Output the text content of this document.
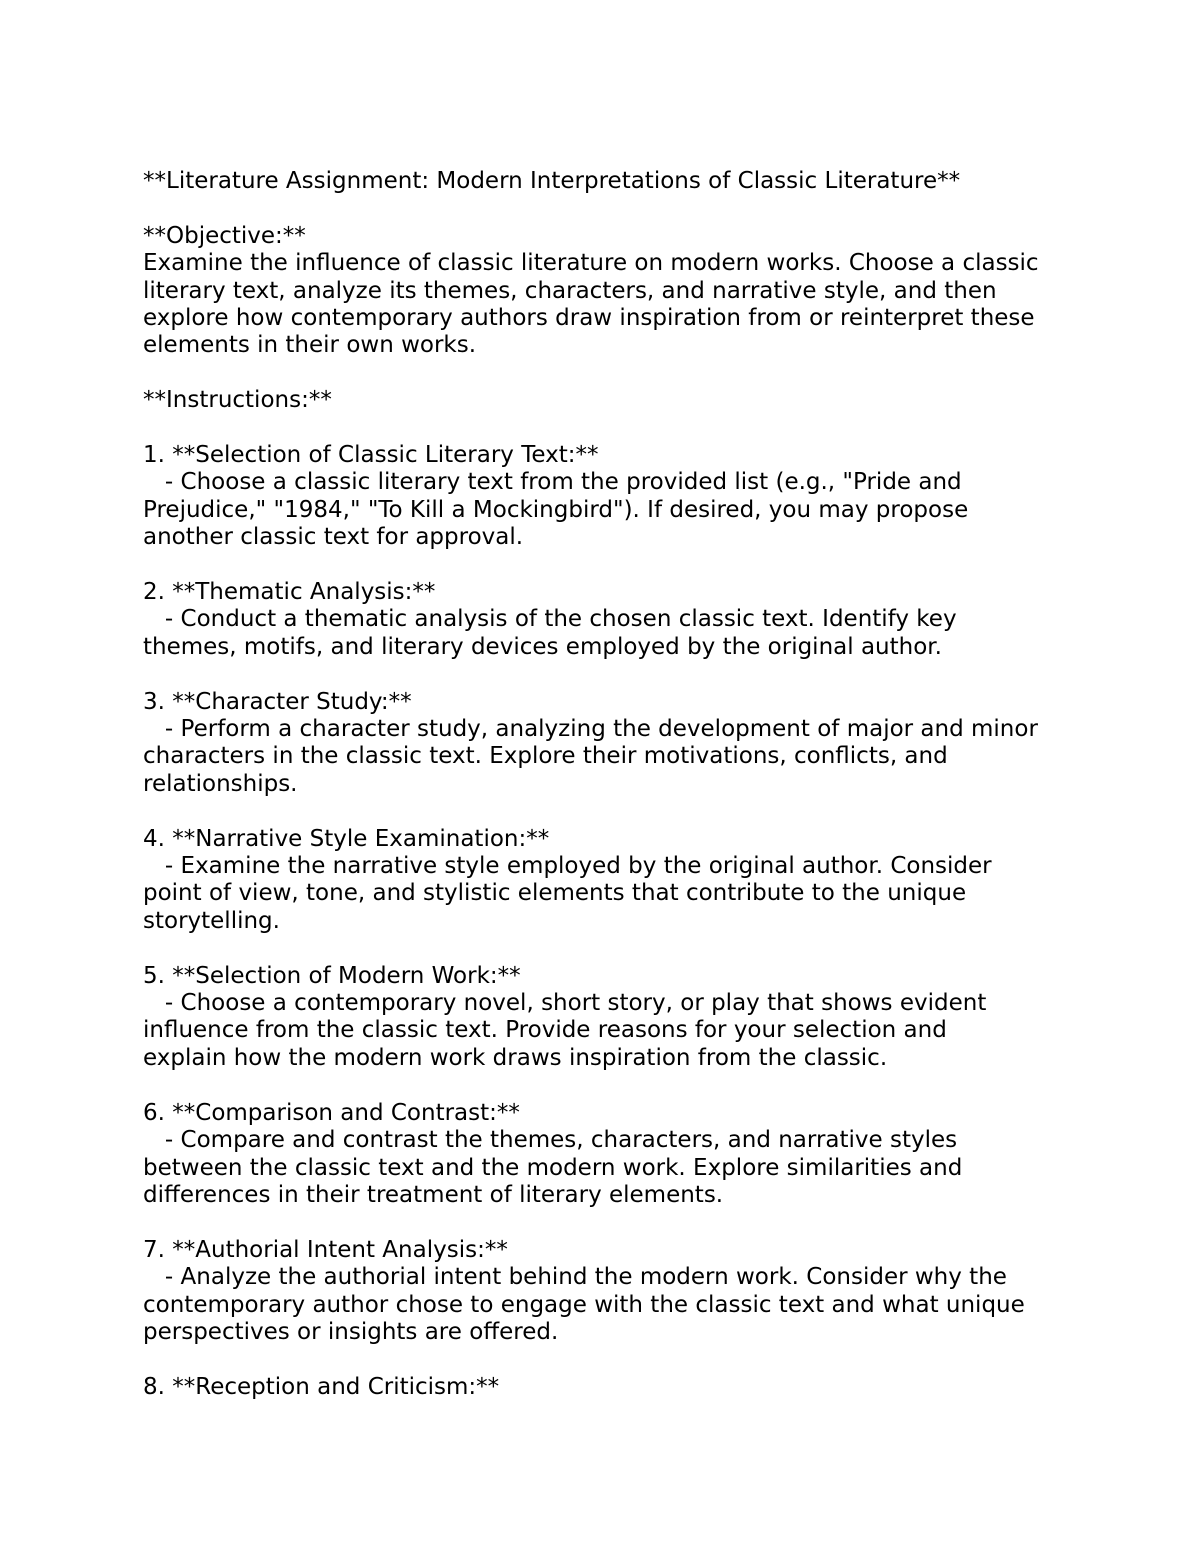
**Literature Assignment: Modern Interpretations of Classic Literature**

**Objective:**

Examine the influence of classic literature on modern works. Choose a classic

literary text, analyze its themes, characters, and narrative style, and then

explore how contemporary authors draw inspiration from or reinterpret these

elements in their own works.

**Instructions:**

1. **Selection of Classic Literary Text:**

- Choose a classic literary text from the provided list (e.g., "Pride and

Prejudice," "1984," "To Kill a Mockingbird"). If desired, you may propose

another classic text for approval.

2. **Thematic Analysis:**

- Conduct a thematic analysis of the chosen classic text. Identify key

themes, motifs, and literary devices employed by the original author.

3. **Character Study:**

- Perform a character study, analyzing the development of major and minor

characters in the classic text. Explore their motivations, conflicts, and

relationships.

4. **Narrative Style Examination:**

- Examine the narrative style employed by the original author. Consider

point of view, tone, and stylistic elements that contribute to the unique

storytelling.

5. **Selection of Modern Work:**

- Choose a contemporary novel, short story, or play that shows evident

influence from the classic text. Provide reasons for your selection and

explain how the modern work draws inspiration from the classic.

6. **Comparison and Contrast:**

- Compare and contrast the themes, characters, and narrative styles

between the classic text and the modern work. Explore similarities and

differences in their treatment of literary elements.

7. **Authorial Intent Analysis:**

- Analyze the authorial intent behind the modern work. Consider why the

contemporary author chose to engage with the classic text and what unique

perspectives or insights are offered.

8. **Reception and Criticism:**
